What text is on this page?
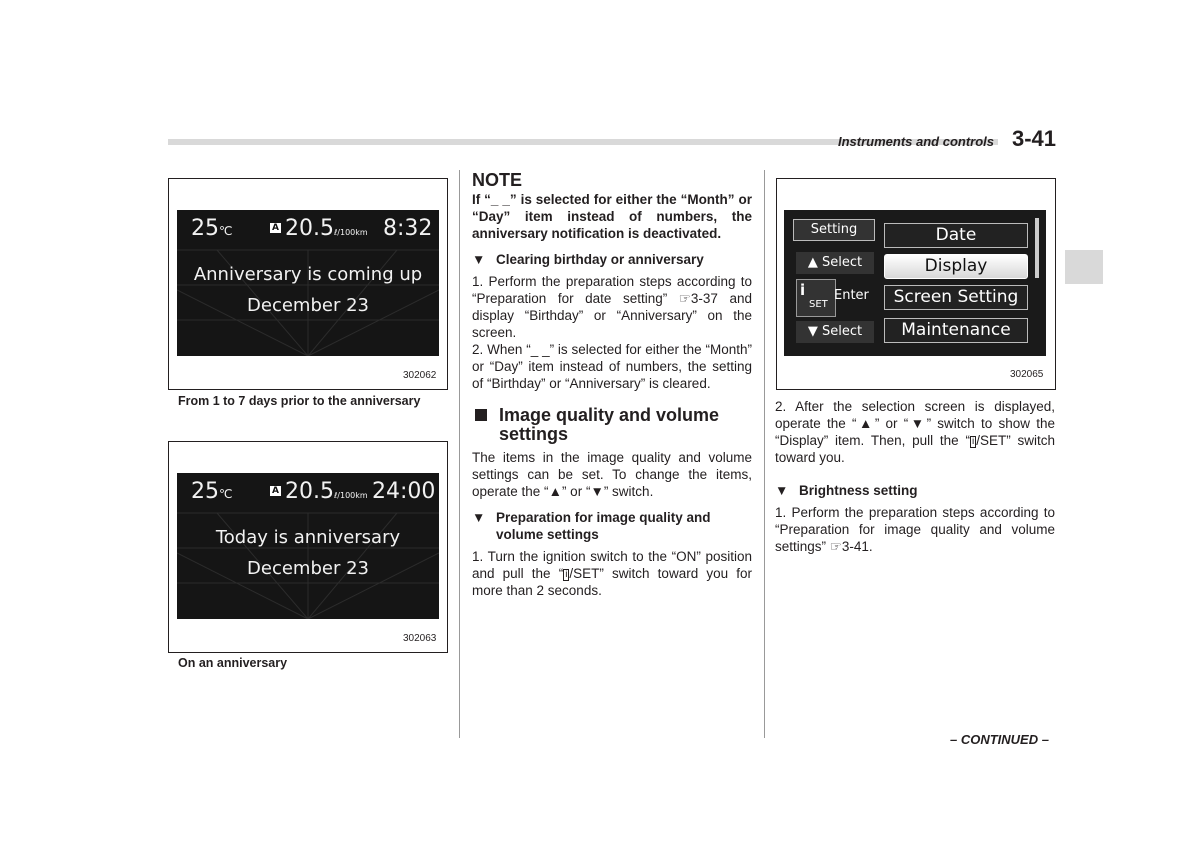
Instruments and controls 3-41
25℃	A 20.5ℓ/100km 8:32
Anniversary is coming up
December 23
302062
From 1 to 7 days prior to the anniversary
25℃	A 20.5ℓ/100km 24:00
Today is anniversary
December 23
302063
On an anniversary
NOTE
If “_ _” is selected for either the “Month” or “Day” item instead of numbers, the anniversary notification is deactivated.
▼ Clearing birthday or anniversary
1. Perform the preparation steps according to “Preparation for date setting” ☞3-37 and display “Birthday” or “Anniversary” on the screen.
2. When “_ _” is selected for either the “Month” or “Day” item instead of numbers, the setting of “Birthday” or “Anniversary” is cleared.
Image quality and volume settings
The items in the image quality and volume settings can be set. To change the items, operate the “▲” or “▼” switch.
▼ Preparation for image quality and volume settings
1. Turn the ignition switch to the “ON” position and pull the “ i /SET” switch toward you for more than 2 seconds.
Setting
▲ Select
i
SET
Enter
▼ Select
Date
Display
Screen Setting
Maintenance
302065
2. After the selection screen is displayed, operate the “▲” or “▼” switch to show the “Display” item. Then, pull the “ i /SET” switch toward you.
▼ Brightness setting
1. Perform the preparation steps according to “Preparation for image quality and volume settings” ☞3-41.
– CONTINUED –
